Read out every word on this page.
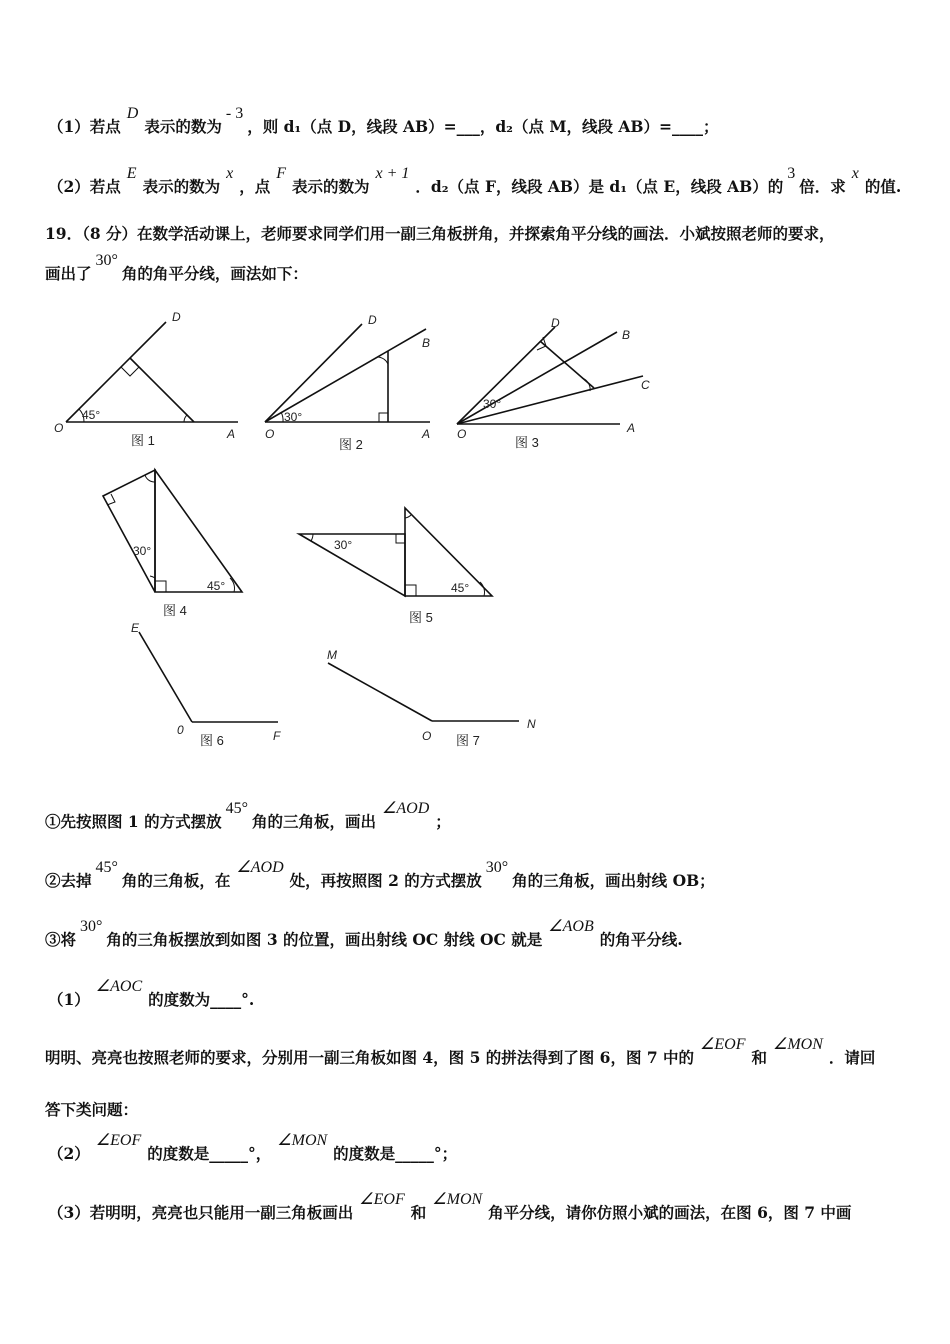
（1）若点D表示的数为- 3，则 d₁（点 D，线段 AB）=___，d₂（点 M，线段 AB）=____；
（2）若点E表示的数为x，点F表示的数为x + 1．d₂（点 F，线段 AB）是 d₁（点 E，线段 AB）的3倍．求x的值.
19．（8 分）在数学活动课上，老师要求同学们用一副三角板拼角，并探索角平分线的画法．小斌按照老师的要求，
画出了30°角的角平分线，画法如下：
O	A
D
45°
图 1	O	A
D
B
30°
图 2
O	A
D
B
C
30°
图 3
30°
45°
图 4
30°
45°
图 5
E
0	F
图 6
M
O
N
图 7
①先按照图 1 的方式摆放45°角的三角板，画出∠AOD；
②去掉45°角的三角板，在∠AOD处，再按照图 2 的方式摆放30°角的三角板，画出射线 OB；
③将30°角的三角板摆放到如图 3 的位置，画出射线 OC 射线 OC 就是∠AOB的角平分线.
（1）∠AOC的度数为____°.
明明、亮亮也按照老师的要求，分别用一副三角板如图 4，图 5 的拼法得到了图 6，图 7 中的∠EOF和∠MON．请回
答下类问题：
（2）∠EOF的度数是_____°，∠MON的度数是_____°；
（3）若明明，亮亮也只能用一副三角板画出∠EOF和∠MON角平分线，请你仿照小斌的画法，在图 6，图 7 中画
